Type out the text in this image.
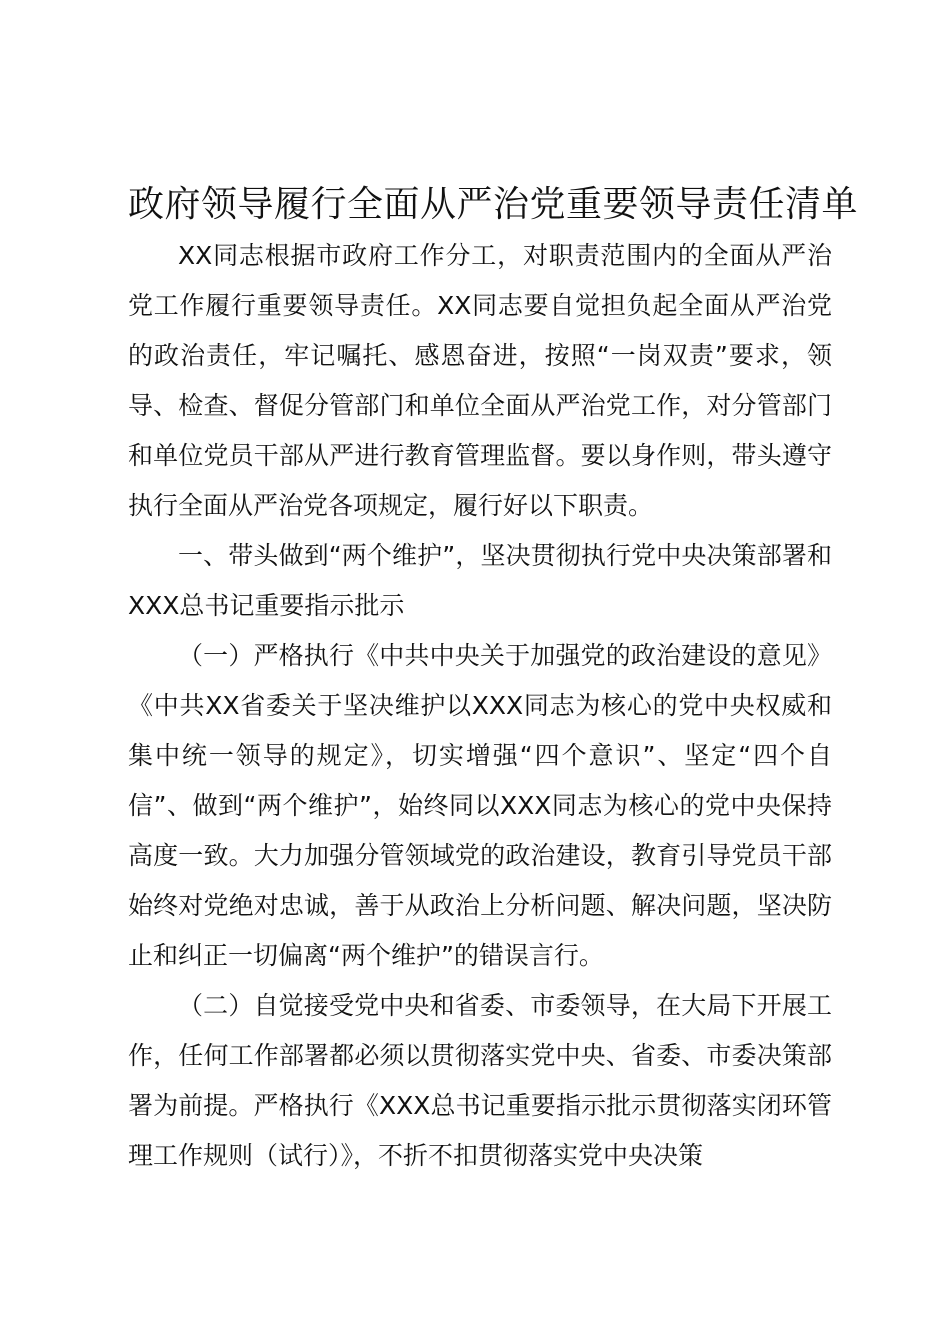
政府领导履行全面从严治党重要领导责任清单

XX同志根据市政府工作分工，对职责范围内的全面从严治党工作履行重要领导责任。XX同志要自觉担负起全面从严治党的政治责任，牢记嘱托、感恩奋进，按照“一岗双责”要求，领导、检查、督促分管部门和单位全面从严治党工作，对分管部门和单位党员干部从严进行教育管理监督。要以身作则，带头遵守执行全面从严治党各项规定，履行好以下职责。

一、带头做到“两个维护”，坚决贯彻执行党中央决策部署和XXX总书记重要指示批示

（一）严格执行《中共中央关于加强党的政治建设的意见》《中共XX省委关于坚决维护以XXX同志为核心的党中央权威和集中统一领导的规定》，切实增强“四个意识”、坚定“四个自信”、做到“两个维护”，始终同以XXX同志为核心的党中央保持高度一致。大力加强分管领域党的政治建设，教育引导党员干部始终对党绝对忠诚，善于从政治上分析问题、解决问题，坚决防止和纠正一切偏离“两个维护”的错误言行。

（二）自觉接受党中央和省委、市委领导，在大局下开展工作，任何工作部署都必须以贯彻落实党中央、省委、市委决策部署为前提。严格执行《XXX总书记重要指示批示贯彻落实闭环管理工作规则（试行）》，不折不扣贯彻落实党中央决策
